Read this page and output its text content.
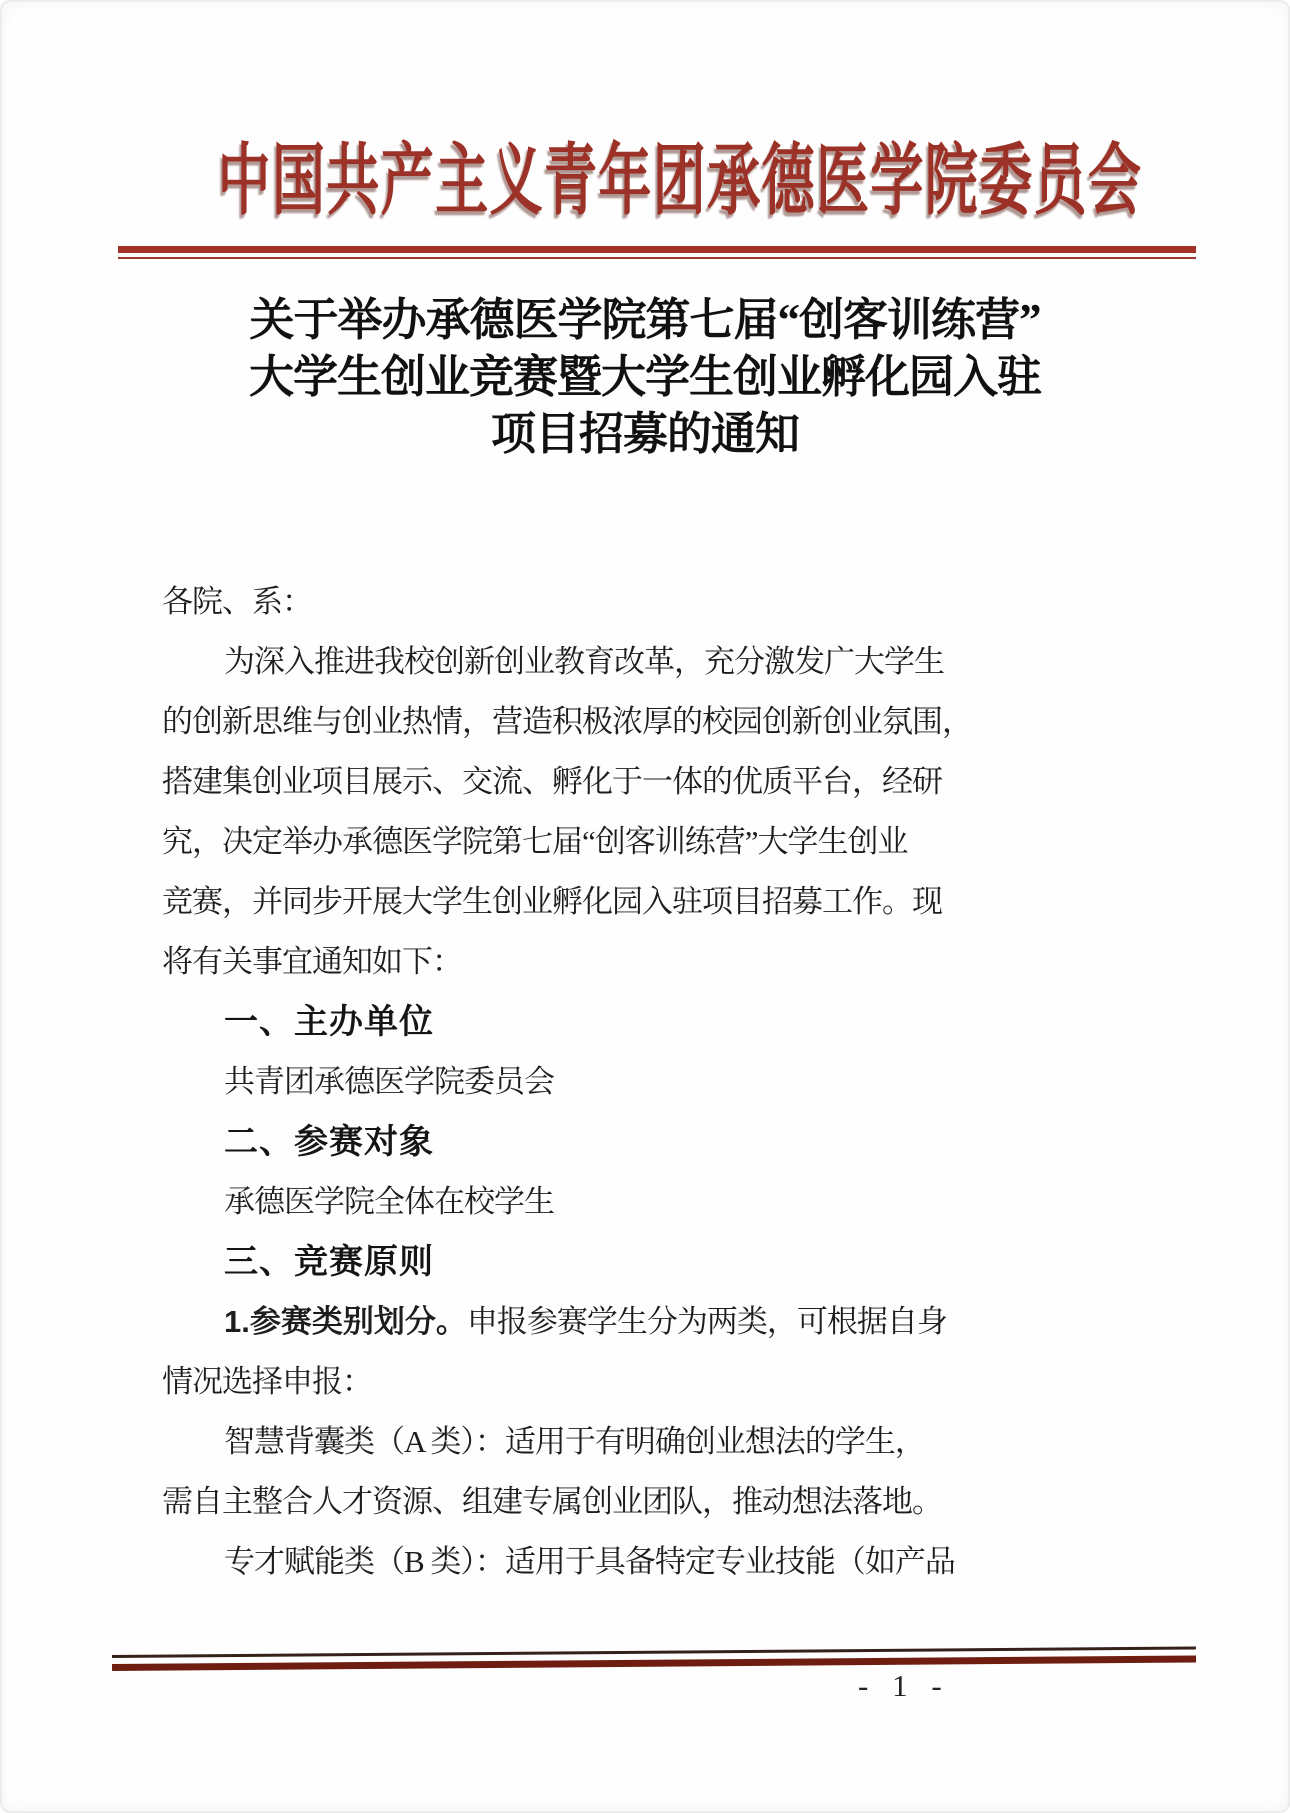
中国共产主义青年团承德医学院委员会
关于举办承德医学院第七届“创客训练营”
大学生创业竞赛暨大学生创业孵化园入驻
项目招募的通知
各院、系：
为深入推进我校创新创业教育改革，充分激发广大学生
的创新思维与创业热情，营造积极浓厚的校园创新创业氛围，
搭建集创业项目展示、交流、孵化于一体的优质平台，经研
究，决定举办承德医学院第七届“创客训练营”大学生创业
竞赛，并同步开展大学生创业孵化园入驻项目招募工作。现
将有关事宜通知如下：
一、主办单位
共青团承德医学院委员会
二、参赛对象
承德医学院全体在校学生
三、竞赛原则
1.参赛类别划分。申报参赛学生分为两类，可根据自身
情况选择申报：
智慧背囊类（A 类）：适用于有明确创业想法的学生，
需自主整合人才资源、组建专属创业团队，推动想法落地。
专才赋能类（B 类）：适用于具备特定专业技能（如产品
- 1 -
